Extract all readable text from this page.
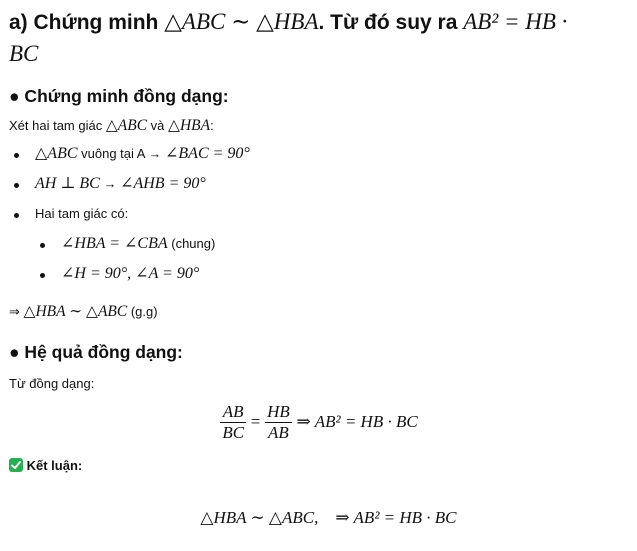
a) Chứng minh △ABC ∼ △HBA. Từ đó suy ra AB² = HB ·
BC
● Chứng minh đồng dạng:
Xét hai tam giác △ABC và △HBA:
△ABC vuông tại A → ∠BAC = 90°
AH ⊥ BC → ∠AHB = 90°
Hai tam giác có:
∠HBA = ∠CBA (chung)
∠H = 90°, ∠A = 90°
⇒ △HBA ∼ △ABC (g.g)
● Hệ quả đồng dạng:
Từ đồng dạng:
$\frac{AB}{BC} = \frac{HB}{AB}$ ⇒ AB² = HB · BC
Kết luận:

△HBA ∼ △ABC,    ⇒ AB² = HB · BC
